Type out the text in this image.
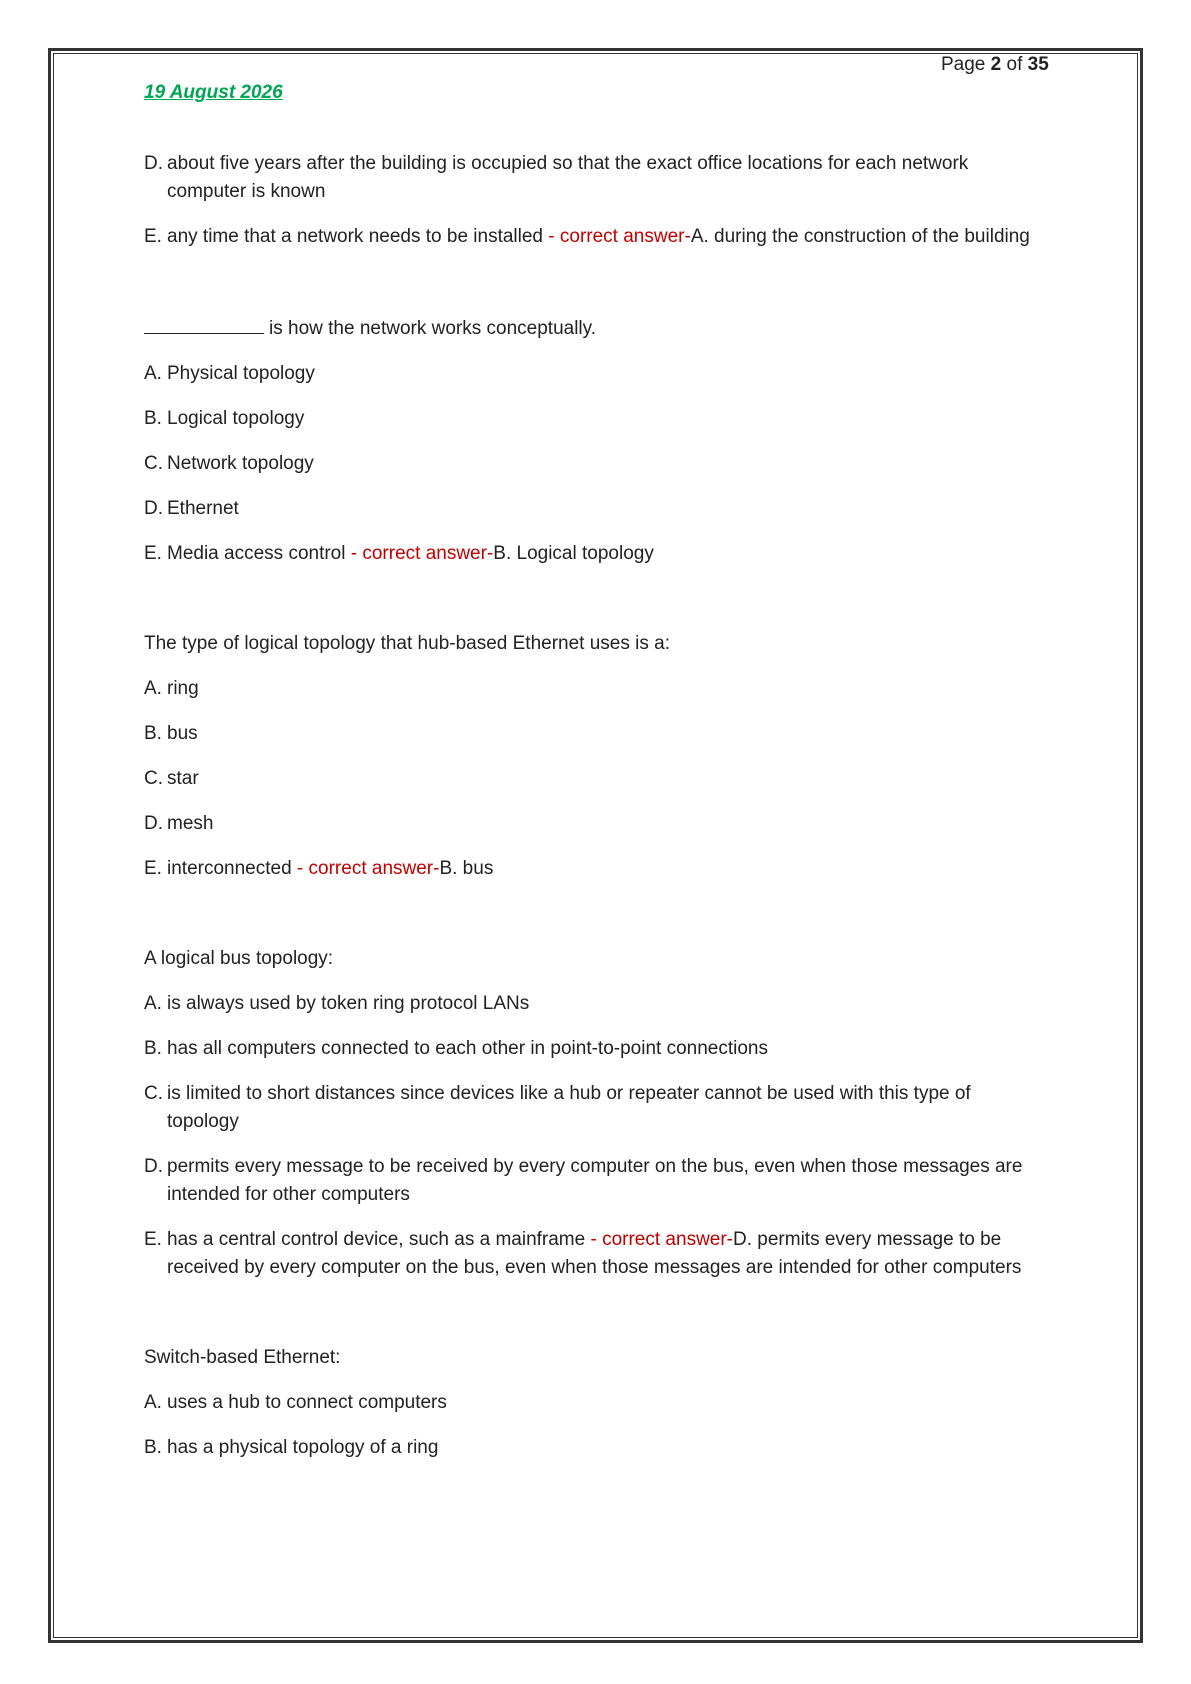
Page 2 of 35
19 August 2026
D. about five years after the building is occupied so that the exact office locations for each network computer is known
E. any time that a network needs to be installed - correct answer-A. during the construction of the building
is how the network works conceptually.
A. Physical topology
B. Logical topology
C. Network topology
D. Ethernet
E. Media access control - correct answer-B. Logical topology
The type of logical topology that hub-based Ethernet uses is a:
A. ring
B. bus
C. star
D. mesh
E. interconnected - correct answer-B. bus
A logical bus topology:
A. is always used by token ring protocol LANs
B. has all computers connected to each other in point-to-point connections
C. is limited to short distances since devices like a hub or repeater cannot be used with this type of topology
D. permits every message to be received by every computer on the bus, even when those messages are intended for other computers
E. has a central control device, such as a mainframe - correct answer-D. permits every message to be received by every computer on the bus, even when those messages are intended for other computers
Switch-based Ethernet:
A. uses a hub to connect computers
B. has a physical topology of a ring
